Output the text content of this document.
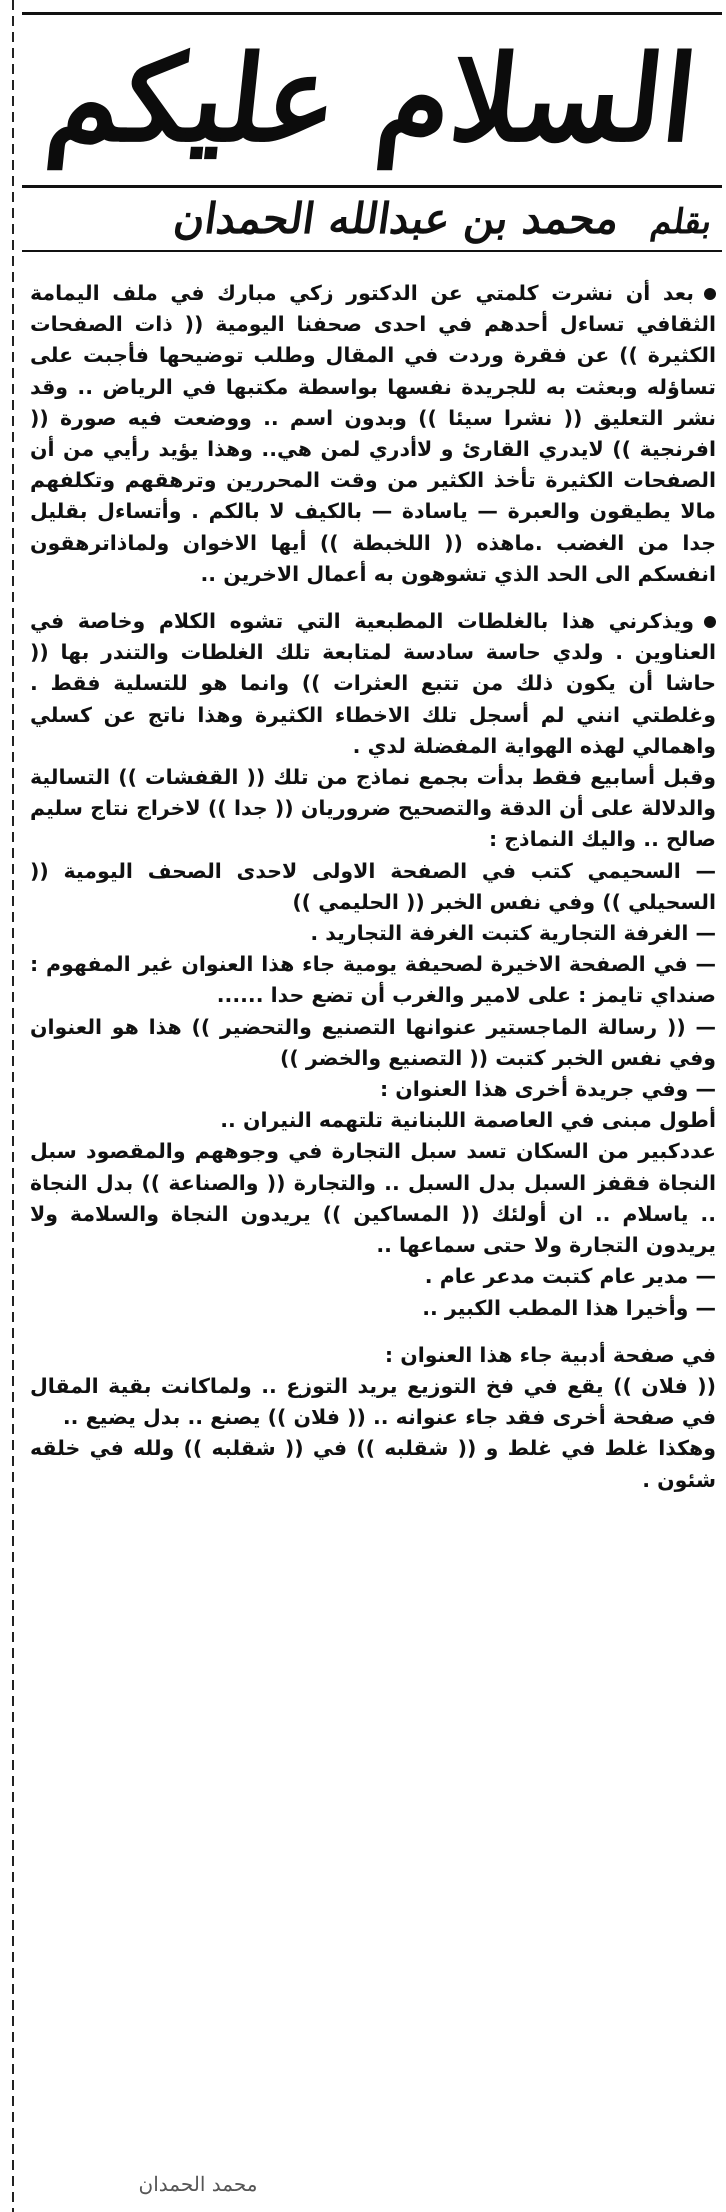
السلام عليكم
بقلم محمد بن عبدالله الحمدان

بعد أن نشرت كلمتي عن الدكتور زكي مبارك في ملف اليمامة الثقافي تساءل أحدهم في احدى صحفنا اليومية (( ذات الصفحات الكثيرة )) عن فقرة وردت في المقال وطلب توضيحها فأجبت على تساؤله وبعثت به للجريدة نفسها بواسطة مكتبها في الرياض .. وقد نشر التعليق (( نشرا سيئا )) وبدون اسم .. ووضعت فيه صورة (( افرنجية )) لايدري القارئ و لاأدري لمن هي.. وهذا يؤيد رأيي من أن الصفحات الكثيرة تأخذ الكثير من وقت المحررين وترهقهم وتكلفهم مالا يطيقون والعبرة — ياسادة — بالكيف لا بالكم . وأتساءل بقليل جدا من الغضب .ماهذه (( اللخبطة )) أيها الاخوان ولماذاترهقون انفسكم الى الحد الذي تشوهون به أعمال الاخرين ..

ويذكرني هذا بالغلطات المطبعية التي تشوه الكلام وخاصة في العناوين . ولدي حاسة سادسة لمتابعة تلك الغلطات والتندر بها (( حاشا أن يكون ذلك من تتبع العثرات )) وانما هو للتسلية فقط . وغلطتي انني لم أسجل تلك الاخطاء الكثيرة وهذا ناتج عن كسلي واهمالي لهذه الهواية المفضلة لدي .

وقبل أسابيع فقط بدأت بجمع نماذج من تلك (( القفشات )) التسالية والدلالة على أن الدقة والتصحيح ضروريان (( جدا )) لاخراج نتاج سليم صالح .. واليك النماذج :

— السحيمي كتب في الصفحة الاولى لاحدى الصحف اليومية (( السحيلي )) وفي نفس الخبر (( الحليمي ))

— الغرفة التجارية كتبت الغرفة التجاريد .

— في الصفحة الاخيرة لصحيفة يومية جاء هذا العنوان غير المفهوم : صنداي تايمز : على لامير والغرب أن تضع حدا ......

— (( رسالة الماجستير عنوانها التصنيع والتحضير )) هذا هو العنوان وفي نفس الخبر كتبت (( التصنيع والخضر ))

— وفي جريدة أخرى هذا العنوان :

أطول مبنى في العاصمة اللبنانية تلتهمه النيران ..

عددكبير من السكان تسد سبل التجارة في وجوههم والمقصود سبل النجاة فقفز السبل بدل السبل .. والتجارة (( والصناعة )) بدل النجاة .. ياسلام .. ان أولئك (( المساكين )) يريدون النجاة والسلامة ولا يريدون التجارة ولا حتى سماعها ..

— مدير عام كتبت مدعر عام .

— وأخيرا هذا المطب الكبير ..

في صفحة أدبية جاء هذا العنوان :

(( فلان )) يقع في فخ التوزيع يريد التوزع .. ولماكانت بقية المقال في صفحة أخرى فقد جاء عنوانه .. (( فلان )) يصنع .. بدل يضيع ..

وهكذا غلط في غلط و (( شقلبه )) في (( شقلبه )) ولله في خلقه شئون .

محمد الحمدان
